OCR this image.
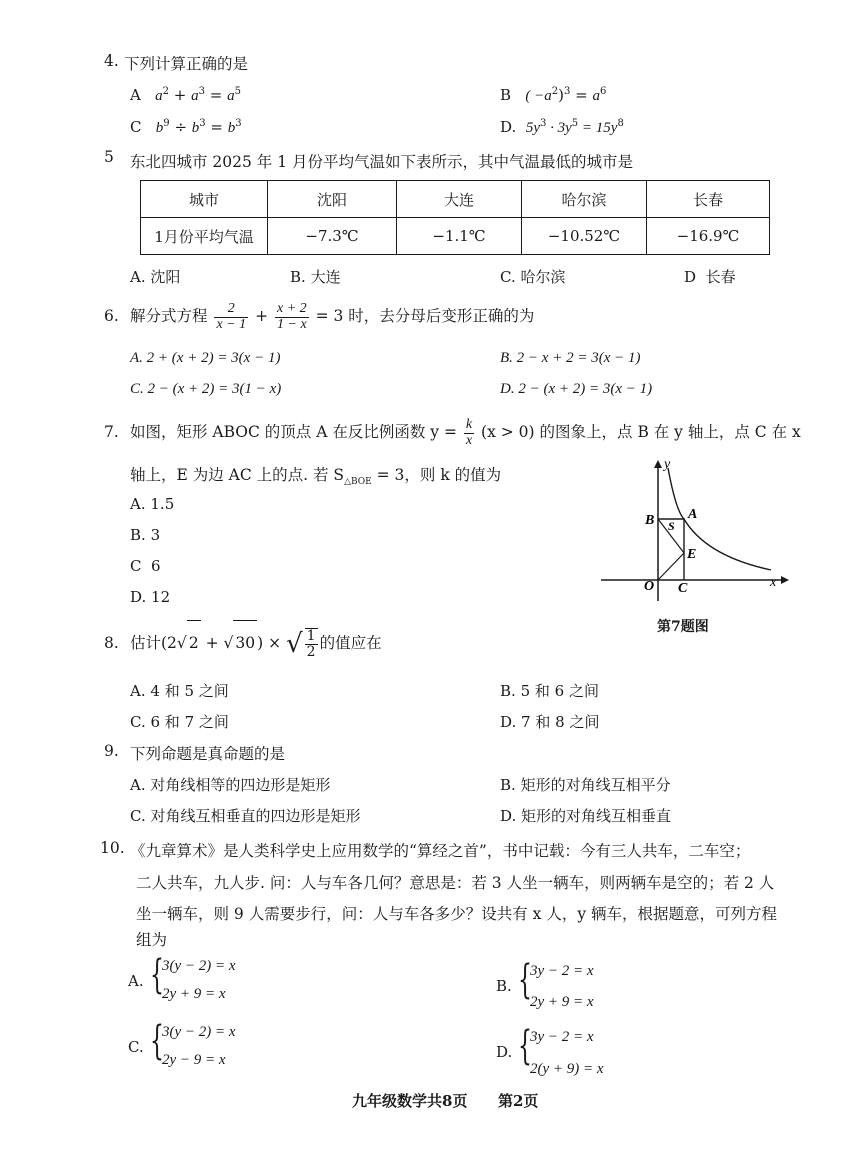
4. 下列计算正确的是
A $a^2 + a^3 = a^5$	B ( $-a^2)^3 = a^6$
C $b^9 \div b^3 = b^3$	D. $5y^3 \cdot 3y^5 = 15y^8$
5 东北四城市 2025 年 1 月份平均气温如下表所示，其中气温最低的城市是
城市	沈阳	大连	哈尔滨	长春
1月份平均气温	−7.3℃	−1.1℃	−10.52℃	−16.9℃
A. 沈阳	B. 大连	C. 哈尔滨	D 长春
6. 解分式方程 $\frac{2}{x - 1} + \frac{x + 2}{1 - x} = 3$ 时，去分母后变形正确的为
A. 2 + (x + 2) = 3(x − 1)	B. 2 − x + 2 = 3(x − 1)
C. 2 − (x + 2) = 3(1 − x)	D. 2 − (x + 2) = 3(x − 1)
7. 如图，矩形 ABOC 的顶点 A 在反比例函数 $y = \frac{k}{x} (x > 0)$ 的图象上，点 B 在 y 轴上，点 C 在 x
轴上，E 为边 AC 上的点. 若 $S_{\triangle BOE} = 3$，则 k 的值为
A. 1.5
B. 3
C 6
D. 12
y
x
O
A
B
C
E
S
第7题图
8. 估计(2√ 2 + √ 30 ) × √ $\frac{1}{2}$ 的值应在
A. 4 和 5 之间	B. 5 和 6 之间
C. 6 和 7 之间	D. 7 和 8 之间
9. 下列命题是真命题的是
A. 对角线相等的四边形是矩形	B. 矩形的对角线互相平分
C. 对角线互相垂直的四边形是矩形	D. 矩形的对角线互相垂直
10. 《九章算术》是人类科学史上应用数学的“算经之首”，书中记载：今有三人共车，二车空；
二人共车，九人步. 问：人与车各几何？意思是：若 3 人坐一辆车，则两辆车是空的；若 2 人
坐一辆车，则 9 人需要步行，问：人与车各多少？设共有 x 人，y 辆车，根据题意，可列方程
组为
A. {
3(y − 2) = x
2y + 9 = x	B. {
3y − 2 = x
2y + 9 = x
C. {
3(y − 2) = x
2y − 9 = x	D. {
3y − 2 = x
2(y + 9) = x
九年级数学共8页 第2页
